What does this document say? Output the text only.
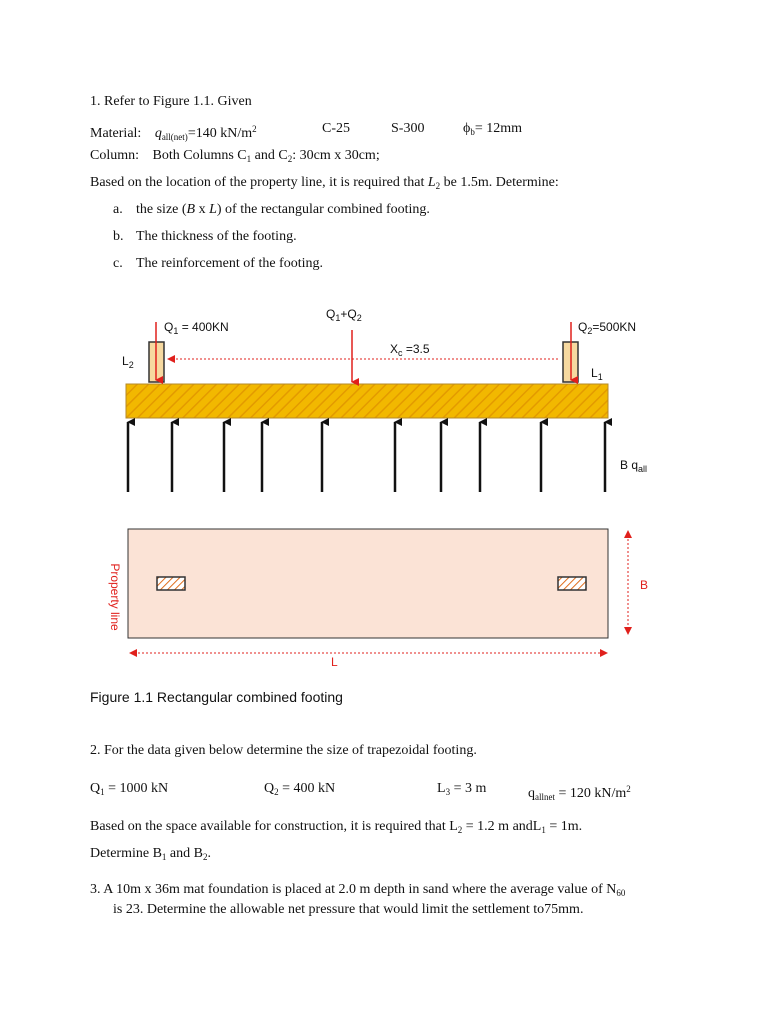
1. Refer to Figure 1.1. Given
Material: $q_{all(net)}=140$ $kN/m^2$	C-25	S-300	$\phi_b= 12mm$
Column: Both Columns $C_1$ and $C_2$: 30cm x 30cm;
Based on the location of the property line, it is required that $L_2$ be 1.5m. Determine:
a. the size (B x L) of the rectangular combined footing.
b. The thickness of the footing.
c. The reinforcement of the footing.
$Q_1 = 400KN$
$Q_1+Q_2$
$Q_2=500KN$
$X_c =3.5$
$L_2$
$L_1$
B $q_{all}$
Property line	B
L
Figure 1.1 Rectangular combined footing
2. For the data given below determine the size of trapezoidal footing.
$Q_1 = 1000$ kN	$Q_2 = 400$ kN	$L_3 = 3$ m	$q_{allnet} = 120$ $kN/m^2$
Based on the space available for construction, it is required that $L_2 = 1.2$ m andL$_1$ = 1m.
Determine $B_1$ and $B_2$.
3. A 10m x 36m mat foundation is placed at 2.0 m depth in sand where the average value of $N_{60}$
is 23. Determine the allowable net pressure that would limit the settlement to75mm.
